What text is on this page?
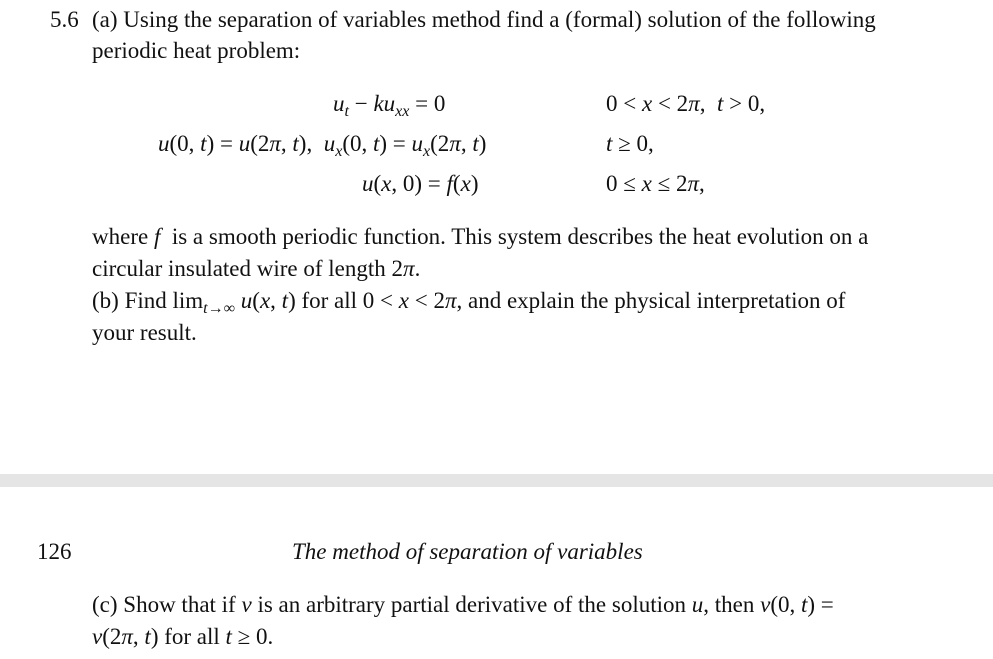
5.6 (a) Using the separation of variables method find a (formal) solution of the following
periodic heat problem:
$u_t - ku_{xx} = 0$	0 < x < 2π,  t > 0,
u(0, t) = u(2π, t),  $u_x(0$, $t) = u_x(2\pi$, t)	t ≥ 0,
u(x, 0) = f(x)	0 ≤ x ≤ 2π,
where f  is a smooth periodic function. This system describes the heat evolution on a
circular insulated wire of length 2π.
(b) Find $\lim_{t\to\infty} u(x$, t) for all 0 < x < 2π, and explain the physical interpretation of
your result.
126	The method of separation of variables
(c) Show that if v is an arbitrary partial derivative of the solution u, then v(0, t) =
v(2π, t) for all t ≥ 0.
